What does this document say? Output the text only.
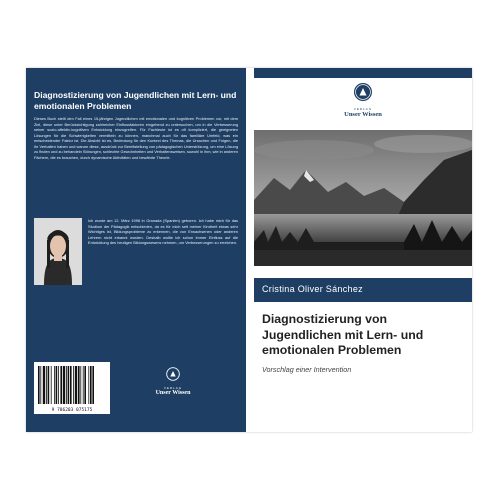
Diagnostizierung von Jugendlichen mit Lern- und emotionalen Problemen
Dieses Buch stellt den Fall eines 15-jährigen Jugendlichen mit emotionalen und kognitiven Problemen vor, mit dem Ziel, diese unter Berücksichtigung zahlreicher Einflussfaktoren eingehend zu untersuchen, um in die Verbesserung seiner sozio-affektiv-kognitiven Entwicklung einzugreifen. Für Fachleute ist es oft kompliziert, die geeigneten Lösungen für die Schwierigkeiten vermitteln zu können, manchmal auch für das familiäre Umfeld, was ein entscheidender Faktor ist. Die Absicht ist es, Bedeutung für den Kontext des Themas, die Ursachen und Folgen, die ihr Verhalten haben und warum diese, ausdrück zur Bereitstellung von pädagogischen Unterstützung, um eine Lösung zu finden und zu behandeln Störungen, schlechte Gewohnheiten und Verhaltensweisen, sowohl in ihm, wie in anderen Fächern, die es brauchen, durch dynamische Aktivitäten und bewährte Theorie.
Ich wurde am 12. März 1998 in Granada (Spanien) geboren. Ich habe mich für das Studium der Pädagogik entschieden, da es für mich seit meiner Kindheit etwas sehr Wichtiges ist, Bildungsprobleme zu erkennen, die von Erwachsenen oder anderen Lehrern nicht erkannt wurden. Deshalb wollte ich schon immer Einfluss auf die Entwicklung des heutigen Bildungswesens nehmen, um Verbesserungen zu erreichen.
9 786203 075175
VERLAG
Unser Wissen
VERLAG
Unser Wissen
Cristina Oliver Sánchez
Diagnostizierung von Jugendlichen mit Lern- und emotionalen Problemen
Vorschlag einer Intervention
